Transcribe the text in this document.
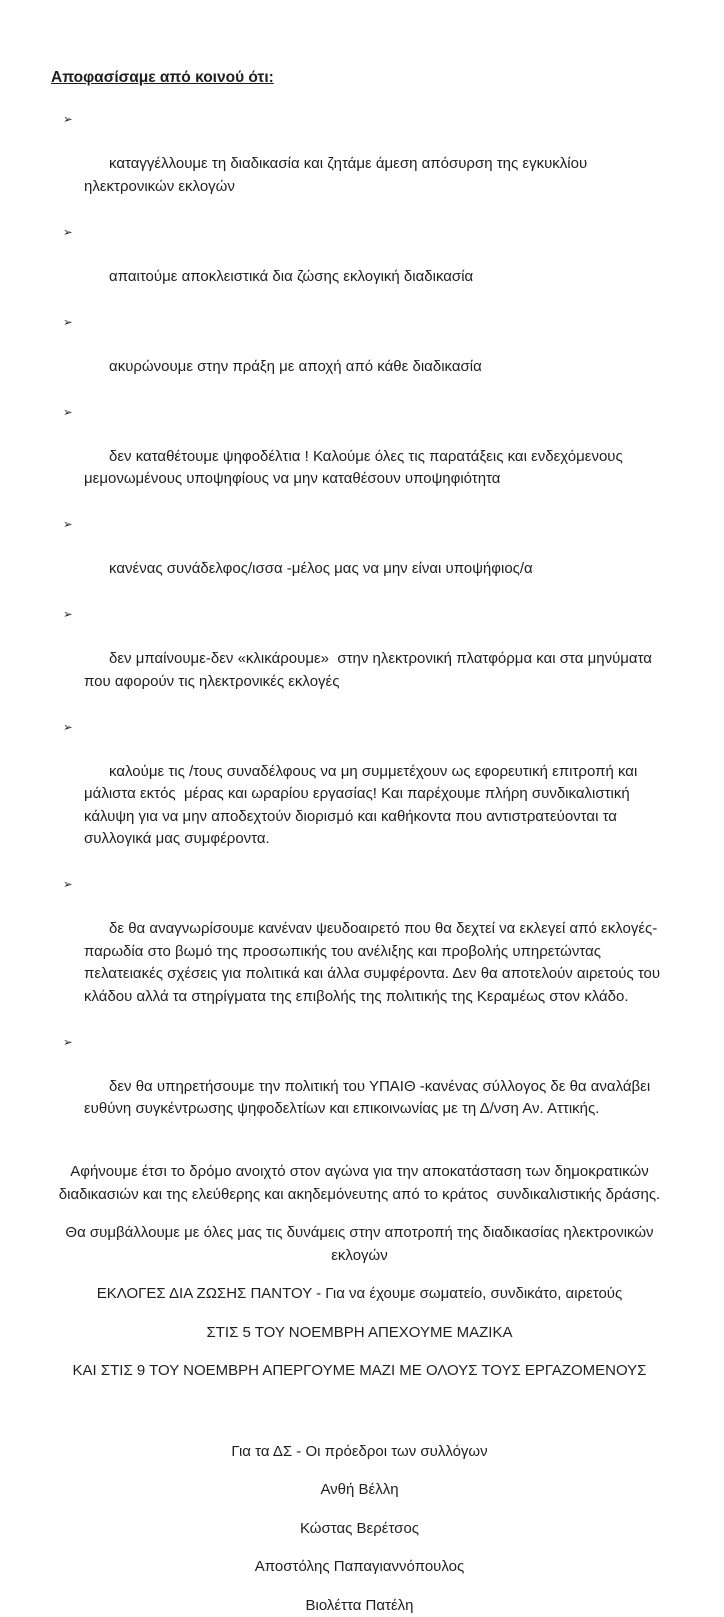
Αποφασίσαμε από κοινού ότι:

➢

καταγγέλλουμε τη διαδικασία και ζητάμε άμεση απόσυρση της εγκυκλίου ηλεκτρονικών εκλογών

➢

απαιτούμε αποκλειστικά δια ζώσης εκλογική διαδικασία

➢

ακυρώνουμε στην πράξη με αποχή από κάθε διαδικασία

➢

δεν καταθέτουμε ψηφοδέλτια ! Καλούμε όλες τις παρατάξεις και ενδεχόμενους μεμονωμένους υποψηφίους να μην καταθέσουν υποψηφιότητα

➢

κανένας συνάδελφος/ισσα -μέλος μας να μην είναι υποψήφιος/α

➢

δεν μπαίνουμε-δεν «κλικάρουμε»  στην ηλεκτρονική πλατφόρμα και στα μηνύματα που αφορούν τις ηλεκτρονικές εκλογές

➢

καλούμε τις /τους συναδέλφους να μη συμμετέχουν ως εφορευτική επιτροπή και μάλιστα εκτός  μέρας και ωραρίου εργασίας! Και παρέχουμε πλήρη συνδικαλιστική κάλυψη για να μην αποδεχτούν διορισμό και καθήκοντα που αντιστρατεύονται τα συλλογικά μας συμφέροντα.

➢

δε θα αναγνωρίσουμε κανέναν ψευδοαιρετό που θα δεχτεί να εκλεγεί από εκλογές-παρωδία στο βωμό της προσωπικής του ανέλιξης και προβολής υπηρετώντας πελατειακές σχέσεις για πολιτικά και άλλα συμφέροντα. Δεν θα αποτελούν αιρετούς του κλάδου αλλά τα στηρίγματα της επιβολής της πολιτικής της Κεραμέως στον κλάδο.

➢

δεν θα υπηρετήσουμε την πολιτική του ΥΠΑΙΘ -κανένας σύλλογος δε θα αναλάβει ευθύνη συγκέντρωσης ψηφοδελτίων και επικοινωνίας με τη Δ/νση Αν. Αττικής.

Αφήνουμε έτσι το δρόμο ανοιχτό στον αγώνα για την αποκατάσταση των δημοκρατικών διαδικασιών και της ελεύθερης και ακηδεμόνευτης από το κράτος  συνδικαλιστικής δράσης.

Θα συμβάλλουμε με όλες μας τις δυνάμεις στην αποτροπή της διαδικασίας ηλεκτρονικών εκλογών

ΕΚΛΟΓΕΣ ΔΙΑ ΖΩΣΗΣ ΠΑΝΤΟΥ - Για να έχουμε σωματείο, συνδικάτο, αιρετούς

ΣΤΙΣ 5 ΤΟΥ ΝΟΕΜΒΡΗ ΑΠΕΧΟΥΜΕ ΜΑΖΙΚΑ

ΚΑΙ ΣΤΙΣ 9 ΤΟΥ ΝΟΕΜΒΡΗ ΑΠΕΡΓΟΥΜΕ ΜΑΖΙ ΜΕ ΟΛΟΥΣ ΤΟΥΣ ΕΡΓΑΖΟΜΕΝΟΥΣ

Για τα ΔΣ - Οι πρόεδροι των συλλόγων

Ανθή Βέλλη

Κώστας Βερέτσος

Αποστόλης Παπαγιαννόπουλος

Βιολέττα Πατέλη
